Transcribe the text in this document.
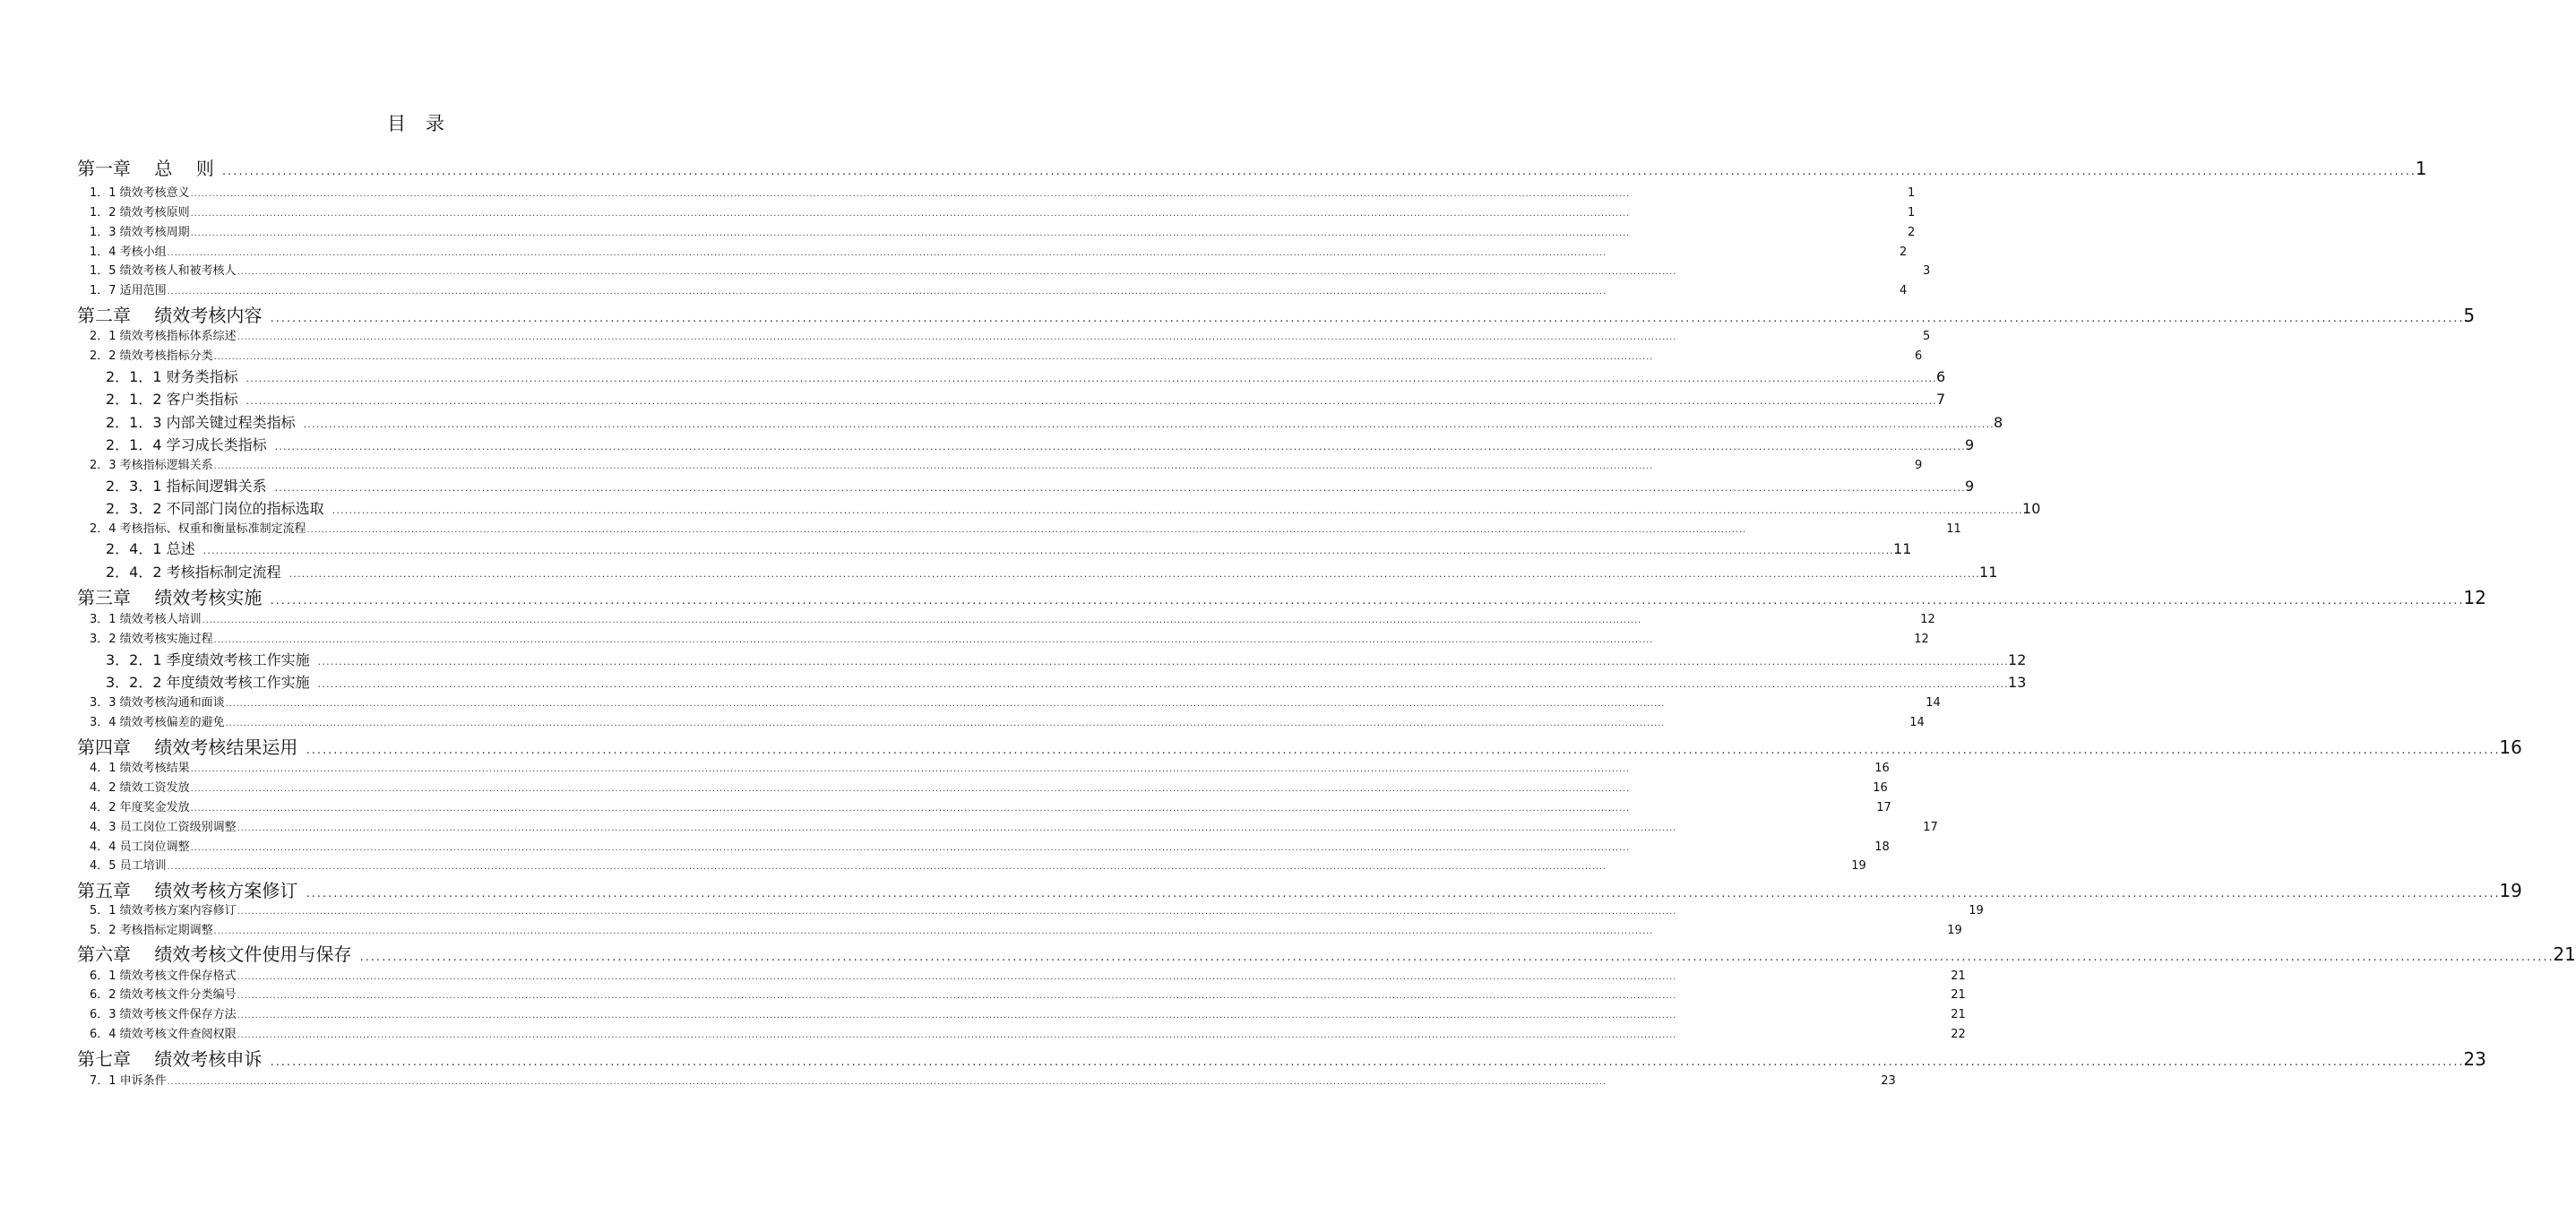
目录
第一章　 总　 则 ................................................................................................................................................................................................................................................................................................................................................................................................................ 1
1．1 绩效考核意义 ................................................................................................................................................................................................................................................................................................................................................................................................................	1
1．2 绩效考核原则 ................................................................................................................................................................................................................................................................................................................................................................................................................	1
1．3 绩效考核周期 ................................................................................................................................................................................................................................................................................................................................................................................................................	2
1．4 考核小组 ................................................................................................................................................................................................................................................................................................................................................................................................................	2
1．5 绩效考核人和被考核人 ................................................................................................................................................................................................................................................................................................................................................................................................................	3
1．7 适用范围 ................................................................................................................................................................................................................................................................................................................................................................................................................	4
第二章　 绩效考核内容 ................................................................................................................................................................................................................................................................................................................................................................................................................ 5
2．1 绩效考核指标体系综述 ................................................................................................................................................................................................................................................................................................................................................................................................................	5
2．2 绩效考核指标分类 ................................................................................................................................................................................................................................................................................................................................................................................................................	6
2．1．1 财务类指标 ................................................................................................................................................................................................................................................................................................................................................................................................................ 6
2．1．2 客户类指标 ................................................................................................................................................................................................................................................................................................................................................................................................................ 7
2．1．3 内部关键过程类指标 ................................................................................................................................................................................................................................................................................................................................................................................................................ 8
2．1．4 学习成长类指标 ................................................................................................................................................................................................................................................................................................................................................................................................................ 9
2．3 考核指标逻辑关系 ................................................................................................................................................................................................................................................................................................................................................................................................................	9
2．3．1 指标间逻辑关系 ................................................................................................................................................................................................................................................................................................................................................................................................................ 9
2．3．2 不同部门岗位的指标选取 ................................................................................................................................................................................................................................................................................................................................................................................................................ 10
2．4 考核指标、权重和衡量标准制定流程 ................................................................................................................................................................................................................................................................................................................................................................................................................	11
2．4．1 总述 ................................................................................................................................................................................................................................................................................................................................................................................................................ 11
2．4．2 考核指标制定流程 ................................................................................................................................................................................................................................................................................................................................................................................................................ 11
第三章　 绩效考核实施 ................................................................................................................................................................................................................................................................................................................................................................................................................ 12
3．1 绩效考核人培训 ................................................................................................................................................................................................................................................................................................................................................................................................................	12
3．2 绩效考核实施过程 ................................................................................................................................................................................................................................................................................................................................................................................................................	12
3．2．1 季度绩效考核工作实施 ................................................................................................................................................................................................................................................................................................................................................................................................................ 12
3．2．2 年度绩效考核工作实施 ................................................................................................................................................................................................................................................................................................................................................................................................................ 13
3．3 绩效考核沟通和面谈 ................................................................................................................................................................................................................................................................................................................................................................................................................	14
3．4 绩效考核偏差的避免 ................................................................................................................................................................................................................................................................................................................................................................................................................	14
第四章　 绩效考核结果运用 ................................................................................................................................................................................................................................................................................................................................................................................................................ 16
4．1 绩效考核结果 ................................................................................................................................................................................................................................................................................................................................................................................................................	16
4．2 绩效工资发放 ................................................................................................................................................................................................................................................................................................................................................................................................................	16
4．2 年度奖金发放 ................................................................................................................................................................................................................................................................................................................................................................................................................	17
4．3 员工岗位工资级别调整 ................................................................................................................................................................................................................................................................................................................................................................................................................	17
4．4 员工岗位调整 ................................................................................................................................................................................................................................................................................................................................................................................................................	18
4．5 员工培训 ................................................................................................................................................................................................................................................................................................................................................................................................................	19
第五章　 绩效考核方案修订 ................................................................................................................................................................................................................................................................................................................................................................................................................ 19
5．1 绩效考核方案内容修订 ................................................................................................................................................................................................................................................................................................................................................................................................................	19
5．2 考核指标定期调整 ................................................................................................................................................................................................................................................................................................................................................................................................................	19
第六章　 绩效考核文件使用与保存 ................................................................................................................................................................................................................................................................................................................................................................................................................ 21
6．1 绩效考核文件保存格式 ................................................................................................................................................................................................................................................................................................................................................................................................................	21
6．2 绩效考核文件分类编号 ................................................................................................................................................................................................................................................................................................................................................................................................................	21
6．3 绩效考核文件保存方法 ................................................................................................................................................................................................................................................................................................................................................................................................................	21
6．4 绩效考核文件查阅权限 ................................................................................................................................................................................................................................................................................................................................................................................................................	22
第七章　 绩效考核申诉 ................................................................................................................................................................................................................................................................................................................................................................................................................ 23
7．1 申诉条件 ................................................................................................................................................................................................................................................................................................................................................................................................................	23
